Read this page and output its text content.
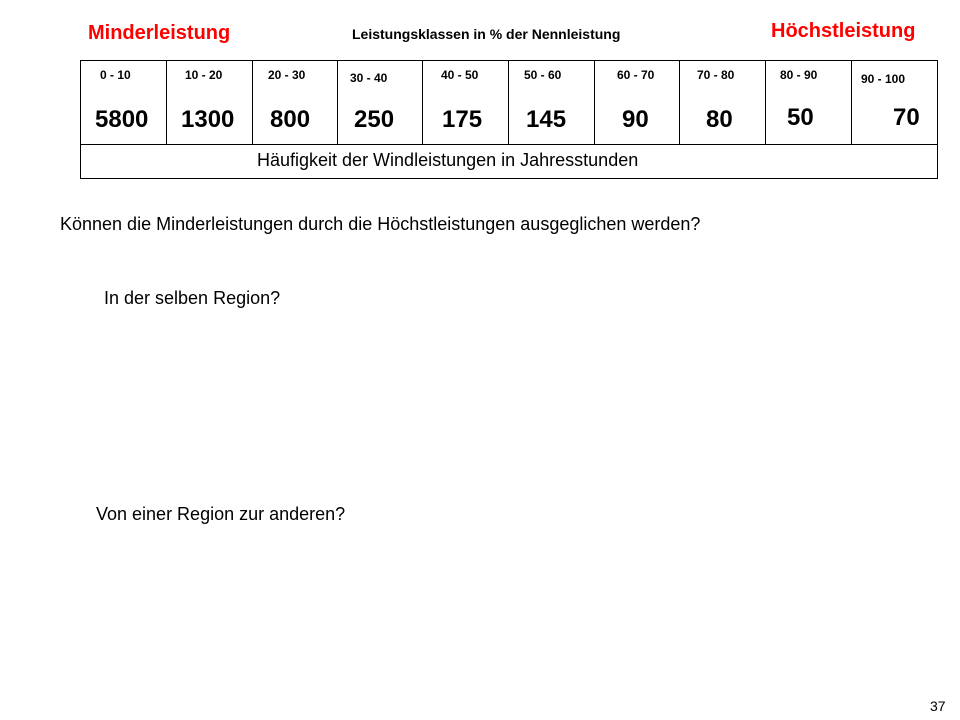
Minderleistung	Leistungsklassen in % der Nennleistung	Höchstleistung
0 - 10	10 - 20	20 - 30	30 - 40	40 - 50	50 - 60	60 - 70	70 - 80	80 - 90	90 - 100
5800 1300 800 250 175 145 90 80 50	70
Häufigkeit der Windleistungen in Jahresstunden
Können die Minderleistungen durch die Höchstleistungen ausgeglichen werden?
In der selben Region?
Von einer Region zur anderen?
37
